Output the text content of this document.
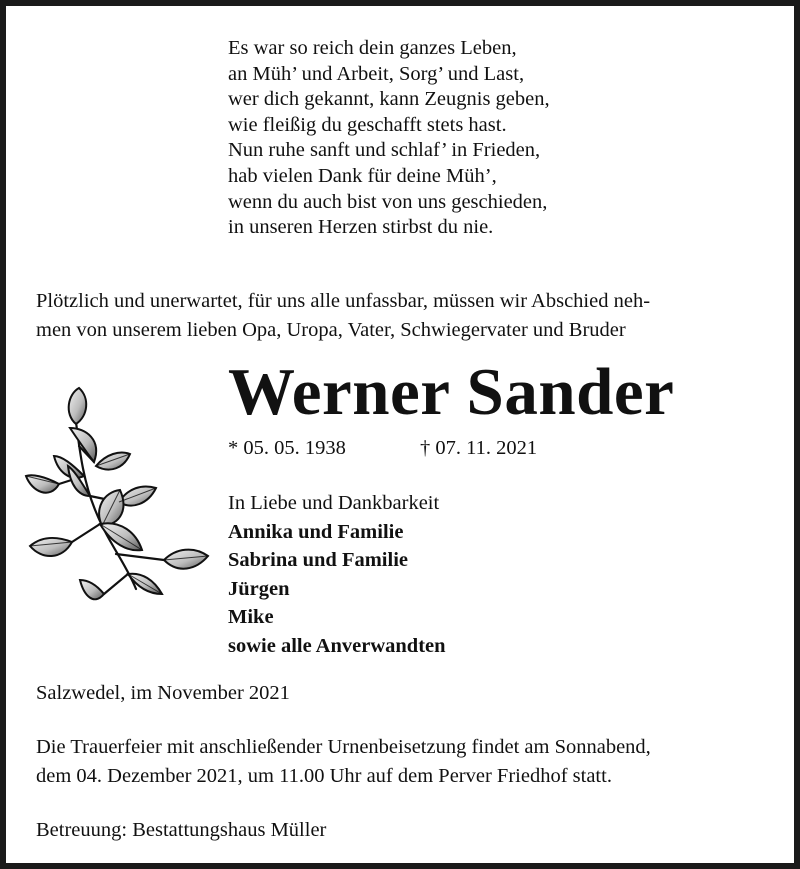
Es war so reich dein ganzes Leben,
an Müh’ und Arbeit, Sorg’ und Last,
wer dich gekannt, kann Zeugnis geben,
wie fleißig du geschafft stets hast.
Nun ruhe sanft und schlaf’ in Frieden,
hab vielen Dank für deine Müh’,
wenn du auch bist von uns geschieden,
in unseren Herzen stirbst du nie.
Plötzlich und unerwartet, für uns alle unfassbar, müssen wir Abschied neh-
men von unserem lieben Opa, Uropa, Vater, Schwiegervater und Bruder
Werner Sander
* 05. 05. 1938	† 07. 11. 2021
In Liebe und Dankbarkeit
Annika und Familie
Sabrina und Familie
Jürgen
Mike
sowie alle Anverwandten
Salzwedel, im November 2021
Die Trauerfeier mit anschließender Urnenbeisetzung findet am Sonnabend,
dem 04. Dezember 2021, um 11.00 Uhr auf dem Perver Friedhof statt.
Betreuung: Bestattungshaus Müller
